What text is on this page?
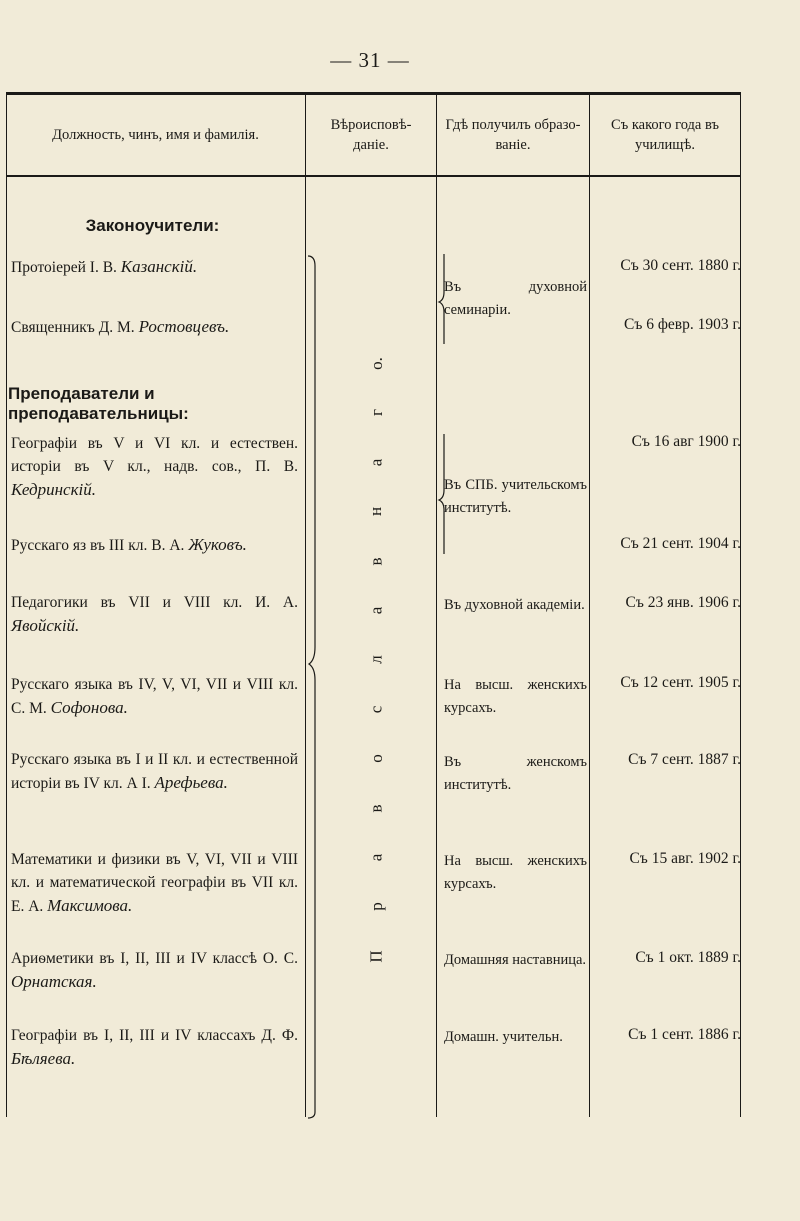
— 31 —
Должность, чинъ, имя и фамилія.
Вѣроисповѣ-
даніе.
Гдѣ получилъ образо-
ваніе.
Съ какого года въ
училищѣ.
Законоучители:
Преподаватели и преподавательницы:
о.
г
а
н
в
а
л
с
о
в
а
р
П
Протоіерей І. В. Казанскій.
Священникъ Д. М. Ростовцевъ.
Географіи въ V и VI кл. и естествен. исторіи въ V кл., надв. сов., П. В. Кедринскій.
Русскаго яз въ III кл. В. А. Жуковъ.
Педагогики въ VII и VIII кл. И. А. Явойскій.
Русскаго языка въ IV, V, VI, VII и VIII кл. С. М. Софонова.
Русскаго языка въ I и II кл. и естественной исторіи въ IV кл. А І. Арефьева.
Математики и физики въ V, VI, VII и VIII кл. и математической географіи въ VII кл. Е. А. Максимова.
Ариѳметики въ I, II, III и IV классѣ О. С. Орнатская.
Географіи въ I, II, III и IV классахъ Д. Ф. Бѣляева.
Въ духовной семинаріи.
Въ СПБ. учительскомъ институтѣ.
Въ духовной академіи.
На высш. женскихъ курсахъ.
Въ женскомъ институтѣ.
На высш. женскихъ курсахъ.
Домашняя наставница.
Домашн. учительн.
Съ 30 сент. 1880 г.
Съ 6 февр. 1903 г.
Съ 16 авг 1900 г.
Съ 21 сент. 1904 г.
Съ 23 янв. 1906 г.
Съ 12 сент. 1905 г.
Съ 7 сент. 1887 г.
Съ 15 авг. 1902 г.
Съ 1 окт. 1889 г.
Съ 1 сент. 1886 г.
